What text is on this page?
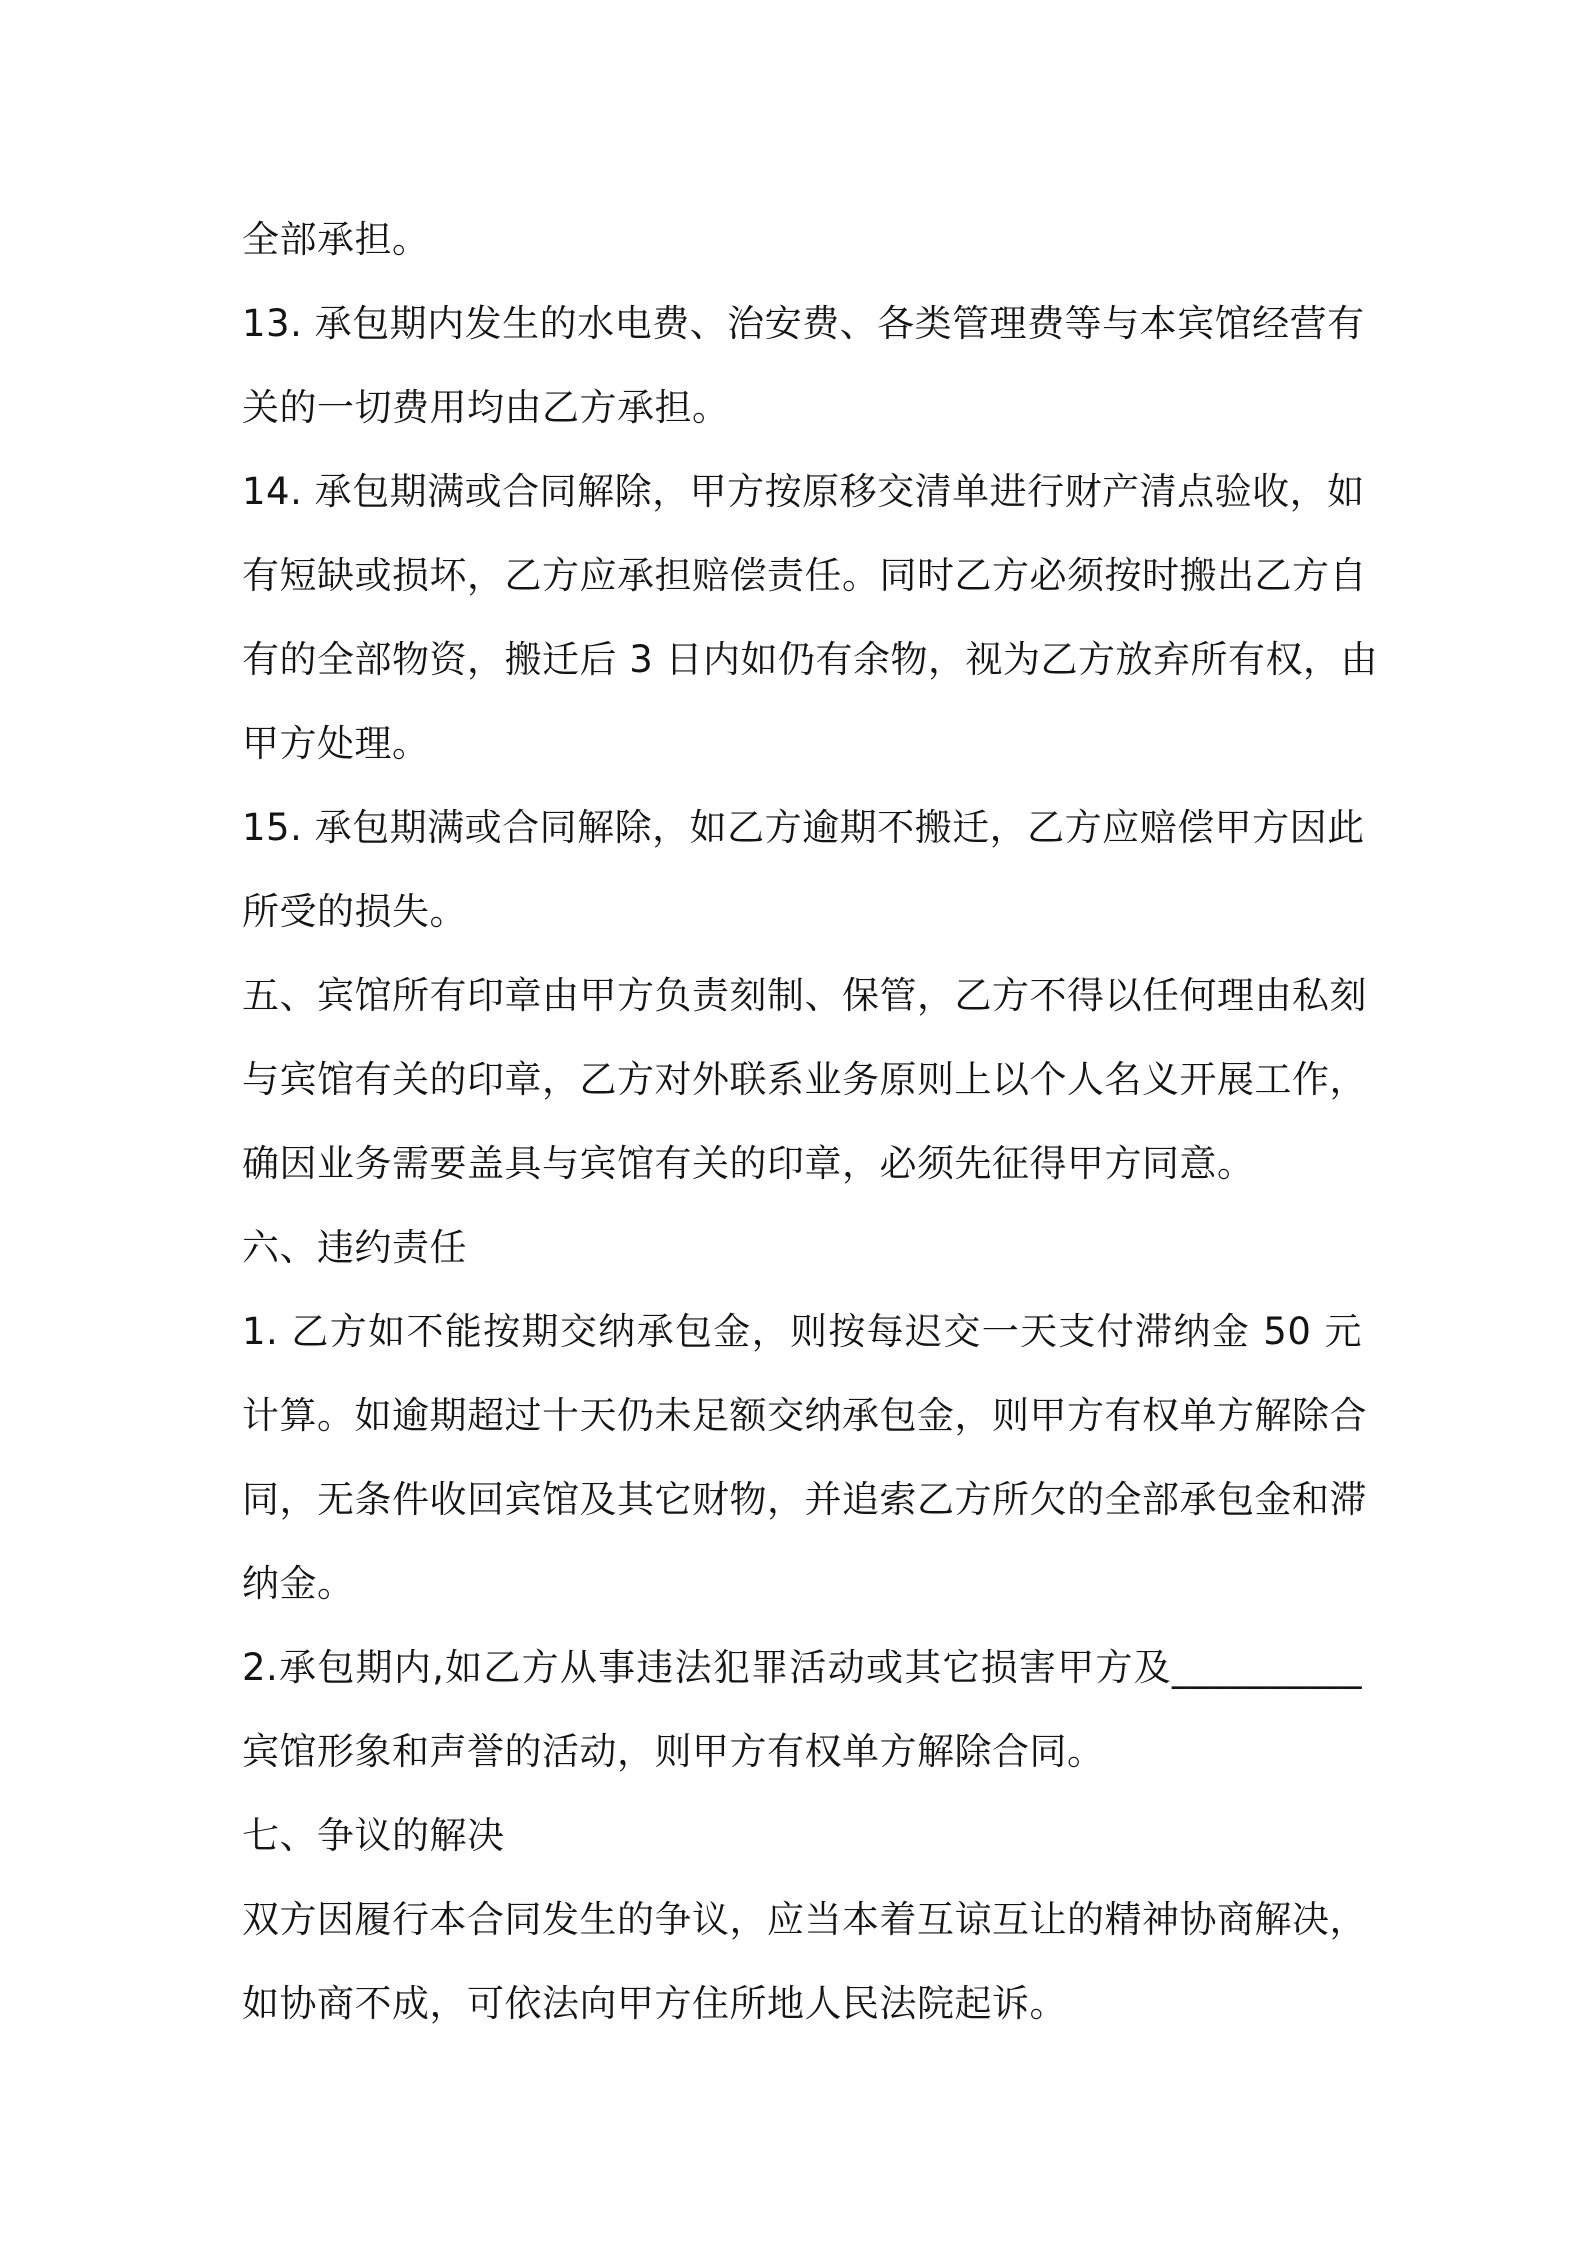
全部承担。
13. 承包期内发生的水电费、治安费、各类管理费等与本宾馆经营有
关的一切费用均由乙方承担。
14. 承包期满或合同解除，甲方按原移交清单进行财产清点验收，如
有短缺或损坏，乙方应承担赔偿责任。同时乙方必须按时搬出乙方自
有的全部物资，搬迁后 3 日内如仍有余物，视为乙方放弃所有权，由
甲方处理。
15. 承包期满或合同解除，如乙方逾期不搬迁，乙方应赔偿甲方因此
所受的损失。
五、宾馆所有印章由甲方负责刻制、保管，乙方不得以任何理由私刻
与宾馆有关的印章，乙方对外联系业务原则上以个人名义开展工作，
确因业务需要盖具与宾馆有关的印章，必须先征得甲方同意。
六、违约责任
1. 乙方如不能按期交纳承包金，则按每迟交一天支付滞纳金 50 元
计算。如逾期超过十天仍未足额交纳承包金，则甲方有权单方解除合
同，无条件收回宾馆及其它财物，并追索乙方所欠的全部承包金和滞
纳金。
2.承包期内,如乙方从事违法犯罪活动或其它损害甲方及__________
宾馆形象和声誉的活动，则甲方有权单方解除合同。
七、争议的解决
双方因履行本合同发生的争议，应当本着互谅互让的精神协商解决，
如协商不成，可依法向甲方住所地人民法院起诉。
